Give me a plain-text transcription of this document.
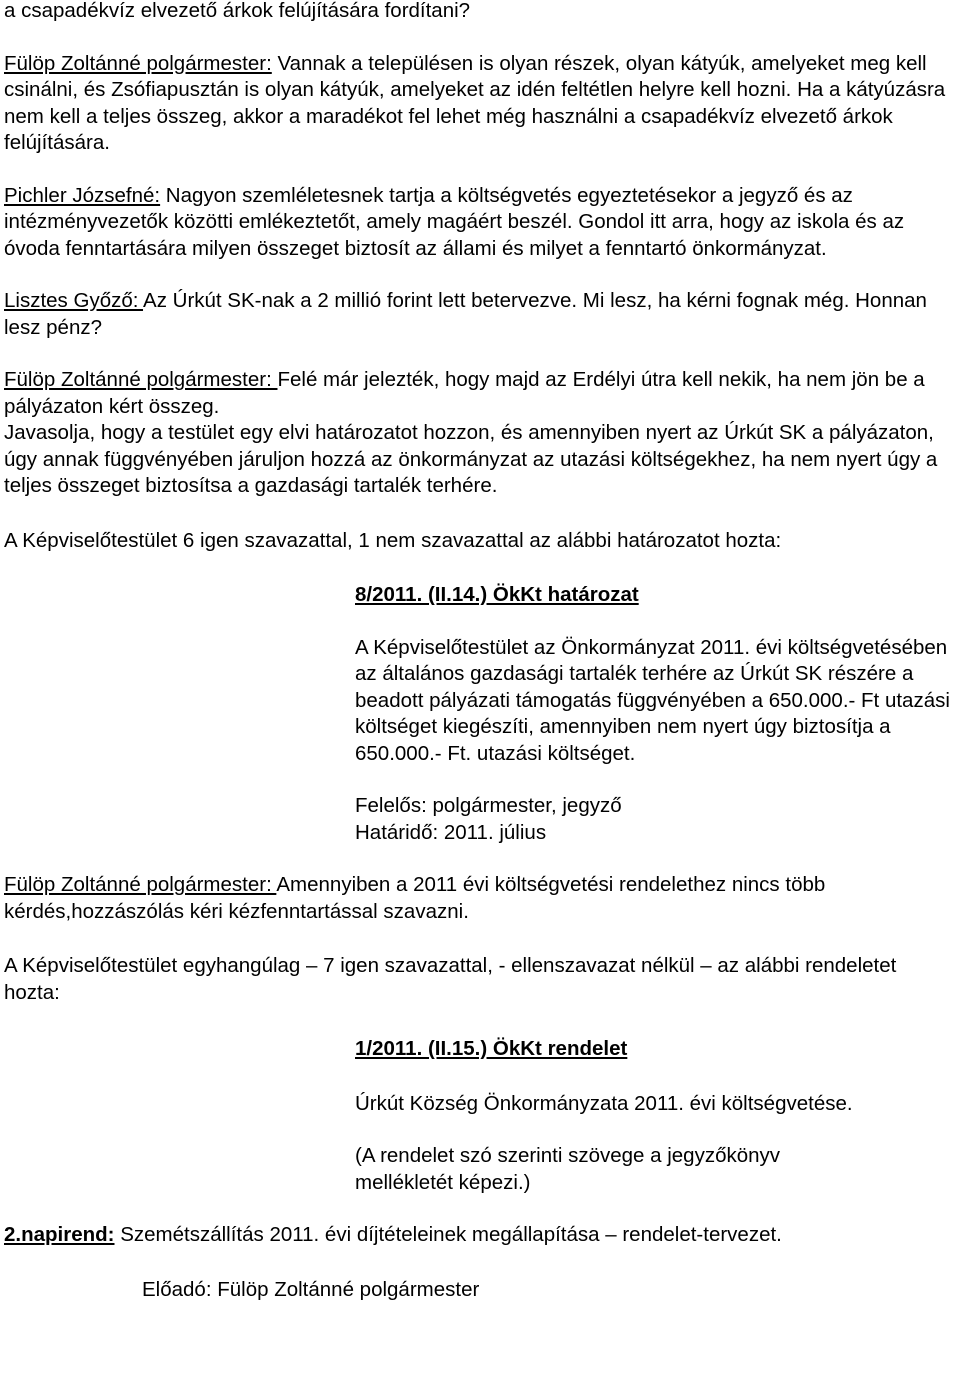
a csapadékvíz elvezető árkok felújítására fordítani?

Fülöp Zoltánné polgármester: Vannak a településen is olyan részek, olyan kátyúk, amelyeket meg kell csinálni, és Zsófiapusztán is olyan kátyúk, amelyeket az idén feltétlen helyre kell hozni. Ha a kátyúzásra nem kell a teljes összeg, akkor a maradékot fel lehet még használni a csapadékvíz elvezető árkok felújítására.

Pichler Józsefné: Nagyon szemléletesnek tartja a költségvetés egyeztetésekor a jegyző és az intézményvezetők közötti emlékeztetőt, amely magáért beszél. Gondol itt arra, hogy az iskola és az óvoda fenntartására milyen összeget biztosít az állami és milyet a fenntartó önkormányzat.

Lisztes Győző: Az Úrkút SK-nak a 2 millió forint lett betervezve. Mi lesz, ha kérni fognak még. Honnan lesz pénz?

Fülöp Zoltánné polgármester: Felé már jelezték, hogy majd az Erdélyi útra kell nekik, ha nem jön be a pályázaton kért összeg.

Javasolja, hogy a testület egy elvi határozatot hozzon, és amennyiben nyert az Úrkút SK a pályázaton, úgy annak függvényében járuljon hozzá az önkormányzat az utazási költségekhez, ha nem nyert úgy a teljes összeget biztosítsa a gazdasági tartalék terhére.

A Képviselőtestület 6 igen szavazattal, 1 nem szavazattal az alábbi határozatot hozta:

8/2011. (II.14.) ÖkKt határozat

A Képviselőtestület az Önkormányzat 2011. évi költségvetésében az általános gazdasági tartalék terhére az Úrkút SK részére a beadott pályázati támogatás függvényében a 650.000.- Ft utazási költséget kiegészíti, amennyiben nem nyert úgy biztosítja a 650.000.- Ft. utazási költséget.

Felelős: polgármester, jegyző

Határidő: 2011. július

Fülöp Zoltánné polgármester: Amennyiben a 2011 évi költségvetési rendelethez nincs több kérdés,hozzászólás kéri kézfenntartással szavazni.

A Képviselőtestület egyhangúlag – 7 igen szavazattal, - ellenszavazat nélkül – az alábbi rendeletet hozta:

1/2011. (II.15.) ÖkKt rendelet

Úrkút Község Önkormányzata 2011. évi költségvetése.

(A rendelet szó szerinti szövege a jegyzőkönyv mellékletét képezi.)

2.napirend: Szemétszállítás 2011. évi díjtételeinek megállapítása – rendelet-tervezet.

Előadó: Fülöp Zoltánné polgármester
